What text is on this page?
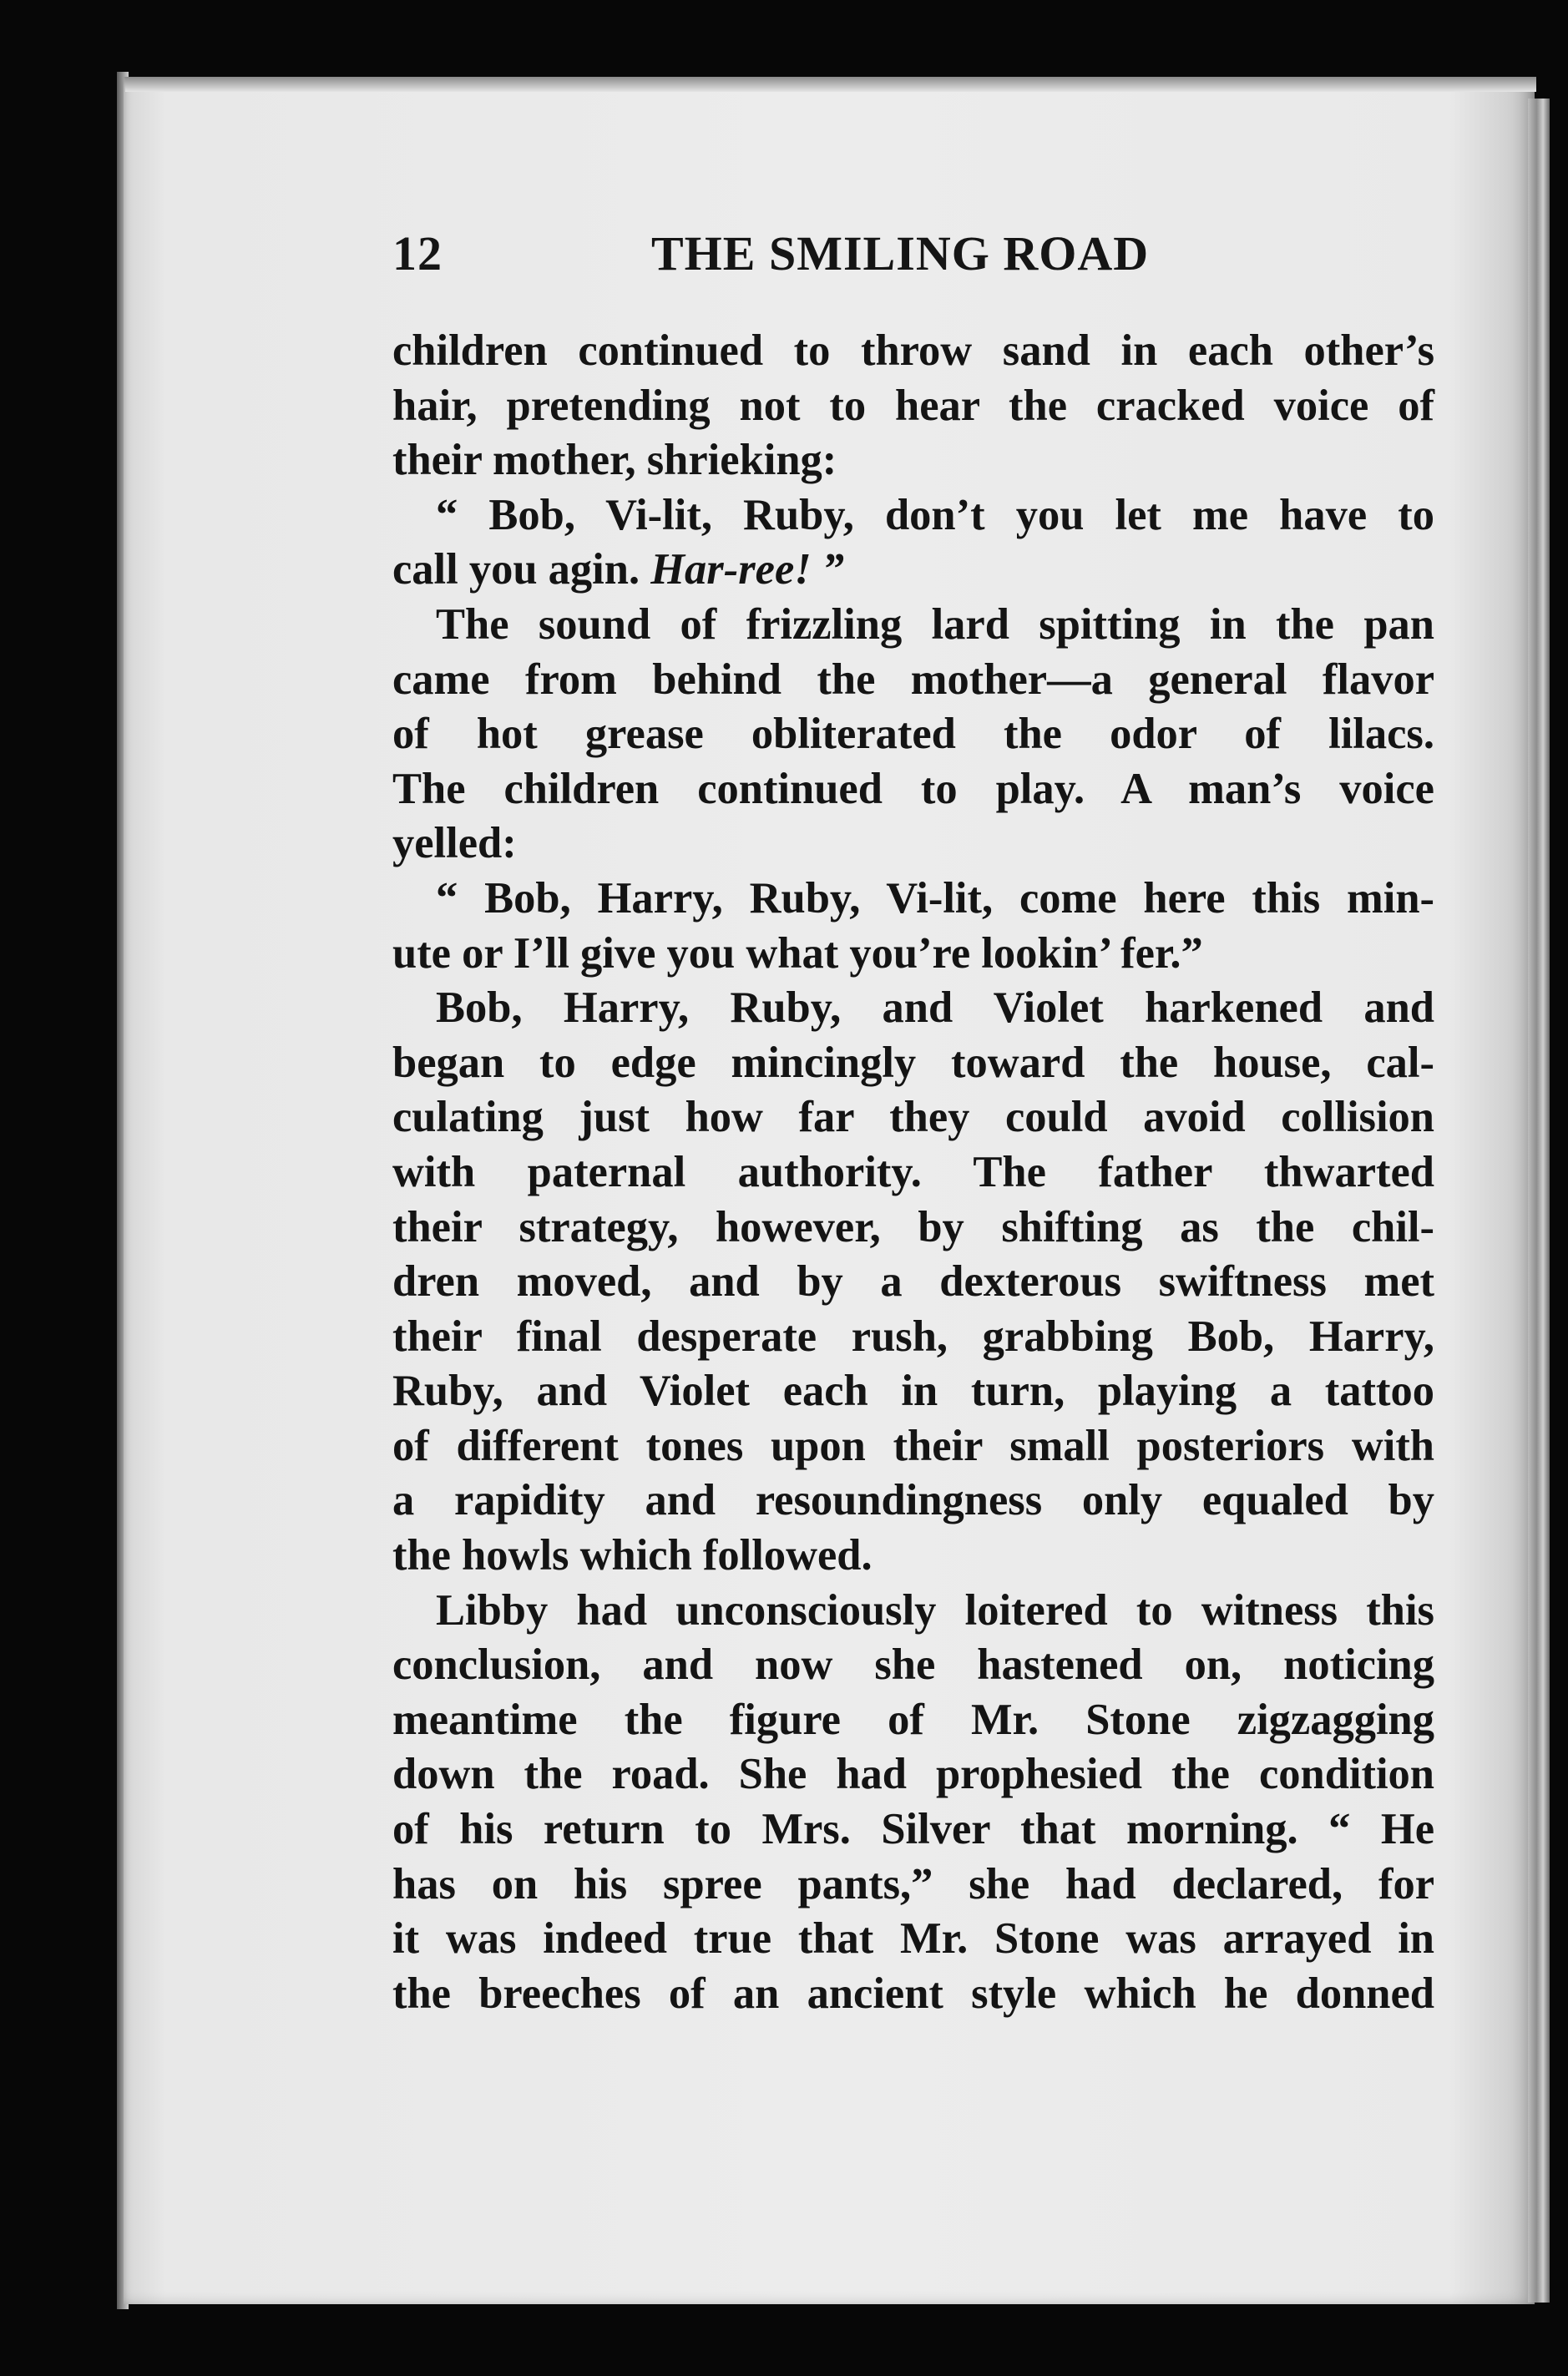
12	THE SMILING ROAD
children continued to throw sand in each other’s
hair, pretending not to hear the cracked voice of
their mother, shrieking:
“ Bob, Vi-lit, Ruby, don’t you let me have to
call you agin. Har-ree! ”
The sound of frizzling lard spitting in the pan
came from behind the mother—a general flavor
of hot grease obliterated the odor of lilacs.
The children continued to play. A man’s voice
yelled:
“ Bob, Harry, Ruby, Vi-lit, come here this min-
ute or I’ll give you what you’re lookin’ fer.”
Bob, Harry, Ruby, and Violet harkened and
began to edge mincingly toward the house, cal-
culating just how far they could avoid collision
with paternal authority. The father thwarted
their strategy, however, by shifting as the chil-
dren moved, and by a dexterous swiftness met
their final desperate rush, grabbing Bob, Harry,
Ruby, and Violet each in turn, playing a tattoo
of different tones upon their small posteriors with
a rapidity and resoundingness only equaled by
the howls which followed.
Libby had unconsciously loitered to witness this
conclusion, and now she hastened on, noticing
meantime the figure of Mr. Stone zigzagging
down the road. She had prophesied the condition
of his return to Mrs. Silver that morning. “ He
has on his spree pants,” she had declared, for
it was indeed true that Mr. Stone was arrayed in
the breeches of an ancient style which he donned
